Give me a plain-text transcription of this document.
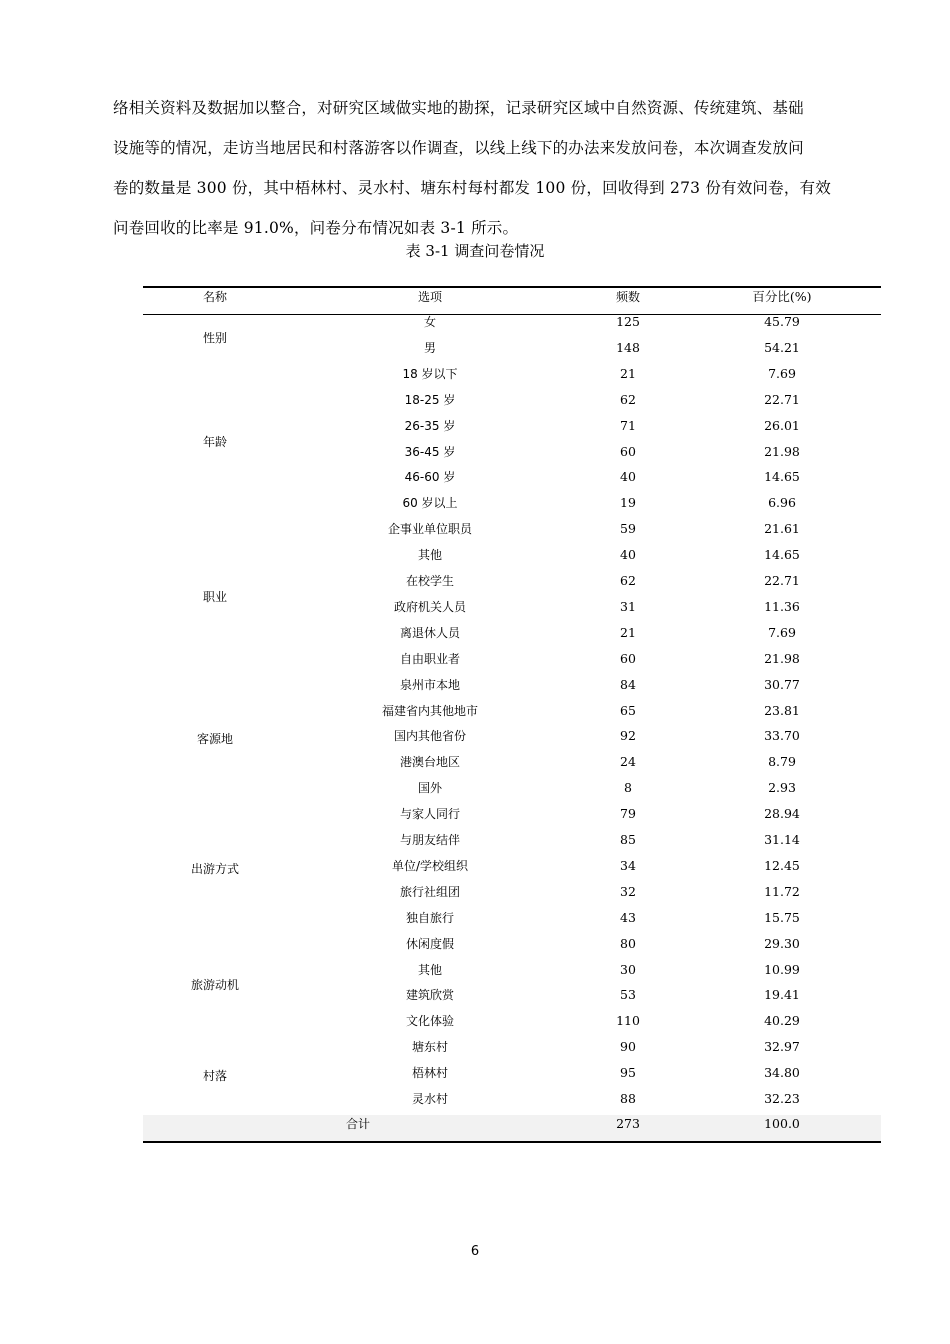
络相关资料及数据加以整合，对研究区域做实地的勘探，记录研究区域中自然资源、传统建筑、基础
设施等的情况，走访当地居民和村落游客以作调查，以线上线下的办法来发放问卷，本次调查发放问
卷的数量是 300 份，其中梧林村、灵水村、塘东村每村都发 100 份，回收得到 273 份有效问卷，有效
问卷回收的比率是 91.0%，问卷分布情况如表 3-1 所示。
表 3-1 调查问卷情况
名称	选项	频数	百分比(%)
性别
女	125	45.79
男	148	54.21
年龄
18 岁以下	21	7.69
18-25 岁	62	22.71
26-35 岁	71	26.01
36-45 岁	60	21.98
46-60 岁	40	14.65
60 岁以上	19	6.96
职业
企事业单位职员	59	21.61
其他	40	14.65
在校学生	62	22.71
政府机关人员	31	11.36
离退休人员	21	7.69
自由职业者	60	21.98
客源地
泉州市本地	84	30.77
福建省内其他地市	65	23.81
国内其他省份	92	33.70
港澳台地区	24	8.79
国外	8	2.93
出游方式
与家人同行	79	28.94
与朋友结伴	85	31.14
单位/学校组织	34	12.45
旅行社组团	32	11.72
独自旅行	43	15.75
旅游动机
休闲度假	80	29.30
其他	30	10.99
建筑欣赏	53	19.41
文化体验	110	40.29
村落
塘东村	90	32.97
梧林村	95	34.80
灵水村	88	32.23
合计	273	100.0
6
